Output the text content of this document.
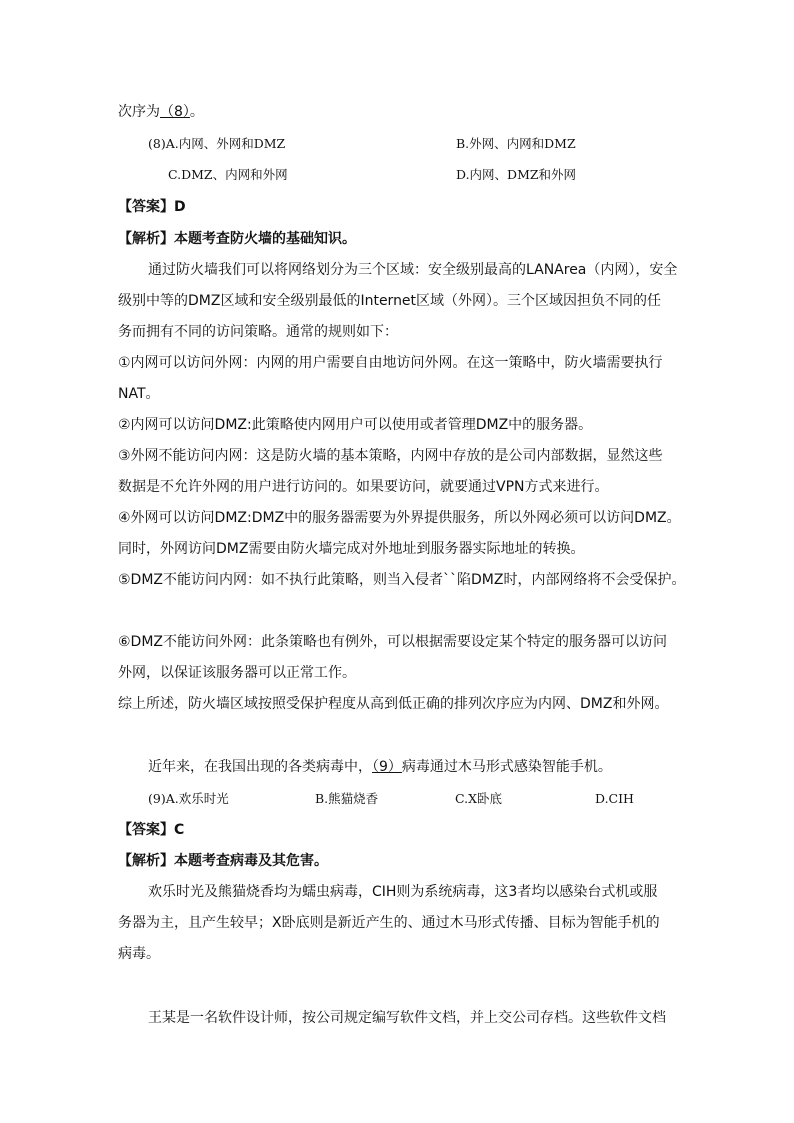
次序为（8）。
(8)A.内网、外网和DMZ	B.外网、内网和DMZ
C.DMZ、内网和外网	D.内网、DMZ和外网
【答案】D
【解析】本题考查防火墙的基础知识。
通过防火墙我们可以将网络划分为三个区域：安全级别最高的LANArea（内网），安全
级别中等的DMZ区域和安全级别最低的Internet区域（外网）。三个区域因担负不同的任
务而拥有不同的访问策略。通常的规则如下：
①内网可以访问外网：内网的用户需要自由地访问外网。在这一策略中，防火墙需要执行
NAT。
②内网可以访问DMZ:此策略使内网用户可以使用或者管理DMZ中的服务器。
③外网不能访问内网：这是防火墙的基本策略，内网中存放的是公司内部数据，显然这些
数据是不允许外网的用户进行访问的。如果要访问，就要通过VPN方式来进行。
④外网可以访问DMZ:DMZ中的服务器需要为外界提供服务，所以外网必须可以访问DMZ。
同时，外网访问DMZ需要由防火墙完成对外地址到服务器实际地址的转换。
⑤DMZ不能访问内网：如不执行此策略，则当入侵者``陷DMZ时，内部网络将不会受保护。
⑥DMZ不能访问外网：此条策略也有例外，可以根据需要设定某个特定的服务器可以访问
外网，以保证该服务器可以正常工作。
综上所述，防火墙区域按照受保护程度从高到低正确的排列次序应为内网、DMZ和外网。
近年来，在我国出现的各类病毒中，（9）病毒通过木马形式感染智能手机。
(9)A.欢乐时光	B.熊猫烧香	C.X卧底	D.CIH
【答案】C
【解析】本题考查病毒及其危害。
欢乐时光及熊猫烧香均为蠕虫病毒，CIH则为系统病毒，这3者均以感染台式机或服
务器为主，且产生较早；X卧底则是新近产生的、通过木马形式传播、目标为智能手机的
病毒。
王某是一名软件设计师，按公司规定编写软件文档，并上交公司存档。这些软件文档
